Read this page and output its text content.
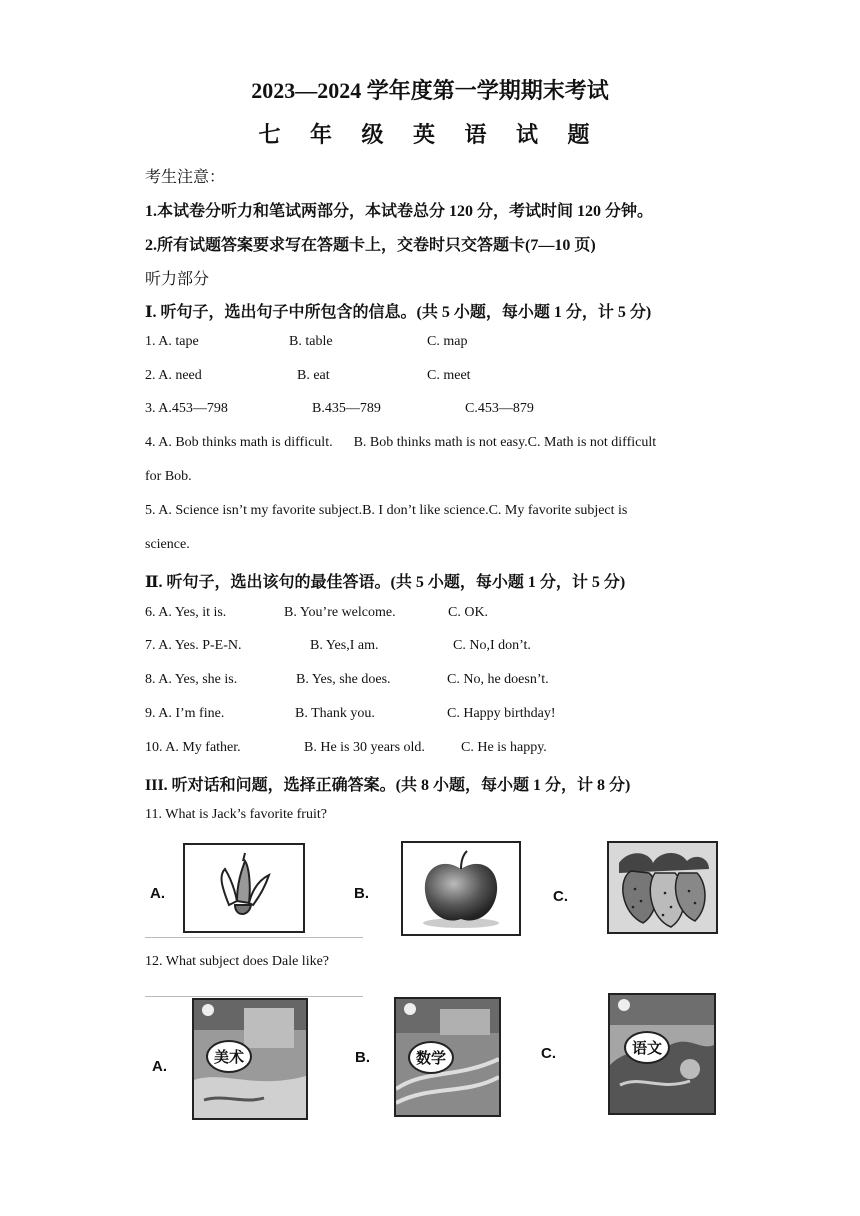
2023—2024 学年度第一学期期末考试
七 年 级 英 语 试 题
考生注意：
1.本试卷分听力和笔试两部分，本试卷总分 120 分，考试时间 120 分钟。
2.所有试题答案要求写在答题卡上，交卷时只交答题卡(7—10 页)
听力部分
Ⅰ. 听句子，选出句子中所包含的信息。(共 5 小题，每小题 1 分，计 5 分)
1. A. tape	B. table	C. map
2. A. need	B. eat	C. meet
3. A.453—798	B.435—789	C.453—879
4. A. Bob thinks math is difficult.      B. Bob thinks math is not easy.C. Math is not difficult
for Bob.
5. A. Science isn’t my favorite subject.B. I don’t like science.C. My favorite subject is
science.
Ⅱ. 听句子，选出该句的最佳答语。(共 5 小题，每小题 1 分，计 5 分)
6. A. Yes, it is.	B. You’re welcome.	C. OK.
7. A. Yes. P-E-N.	B. Yes,I am.	C. No,I don’t.
8. A. Yes, she is.	B. Yes, she does.	C. No, he doesn’t.
9. A. I’m fine.	B. Thank you.	C. Happy birthday!
10. A. My father.	B. He is 30 years old.	C. He is happy.
III. 听对话和问题，选择正确答案。(共 8 小题，每小题 1 分，计 8 分)
11. What is Jack’s favorite fruit?
A.	B.	C.
12. What subject does Dale like?
A.
美术	B.	数学	C.	语文
